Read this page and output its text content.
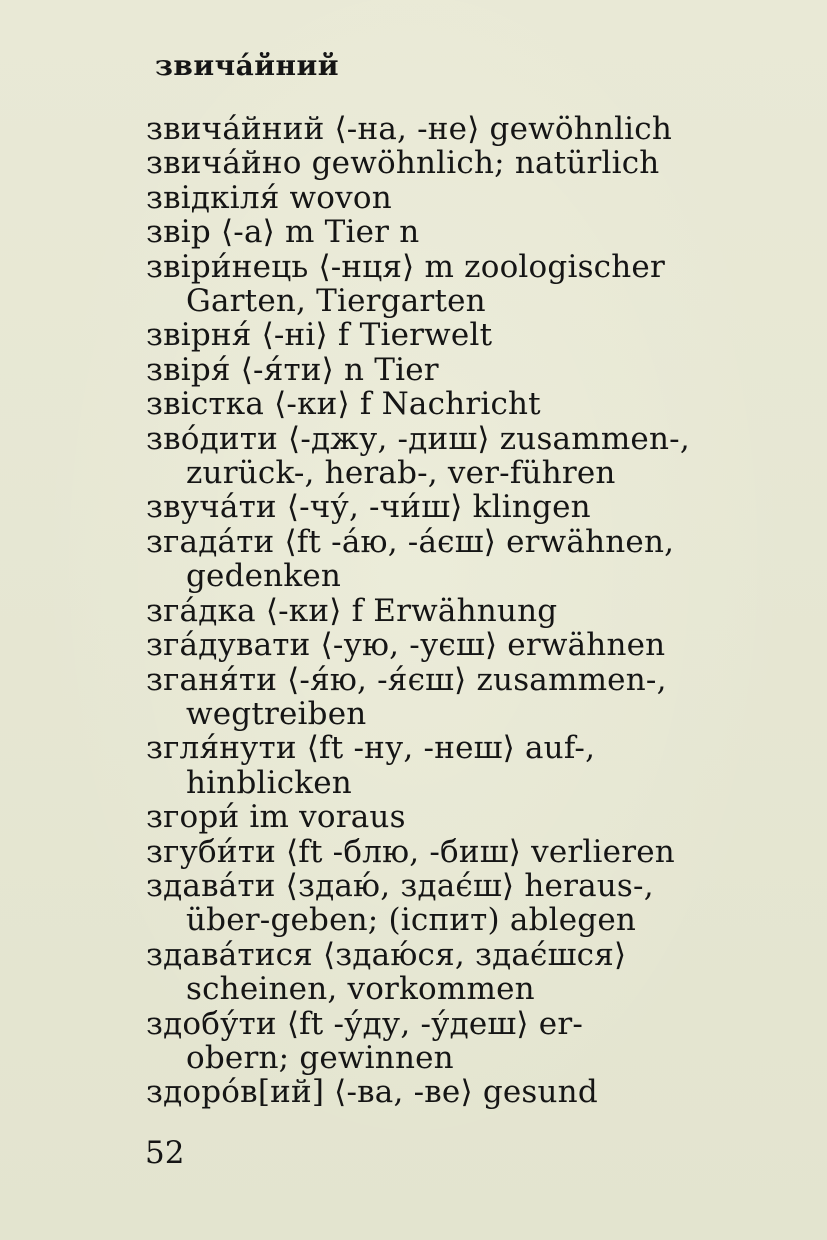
звичáйний
звичáйний ⟨-на, -не⟩ gewöhnlich
звичáйно gewöhnlich; natürlich
звідкіля́ wovon
звір ⟨-а⟩ m Tier n
звіри́нець ⟨-нця⟩ m zoologischer
Garten, Tiergarten
звірня́ ⟨-ні⟩ f Tierwelt
звіря́ ⟨-я́ти⟩ n Tier
звістка ⟨-ки⟩ f Nachricht
зво́дити ⟨-джу, -диш⟩ zusammen-,
zurück-, herab-, ver-führen
звучáти ⟨-чу́, -чи́ш⟩ klingen
згадáти ⟨ft -áю, -áєш⟩ erwähnen,
gedenken
зга́дка ⟨-ки⟩ f Erwähnung
згáдувати ⟨-ую, -уєш⟩ erwähnen
зганя́ти ⟨-я́ю, -я́єш⟩ zusammen-,
wegtreiben
згля́нути ⟨ft -ну, -неш⟩ auf-,
hinblicken
згори́ im voraus
згуби́ти ⟨ft -блю, -биш⟩ verlieren
здавáти ⟨здаю́, здає́ш⟩ heraus-,
über-geben; (іспит) ablegen
здавáтися ⟨здаю́ся, здає́шся⟩
scheinen, vorkommen
здобу́ти ⟨ft -у́ду, -у́деш⟩ er-
obern; gewinnen
здоро́в[ий] ⟨-ва, -ве⟩ gesund
52
